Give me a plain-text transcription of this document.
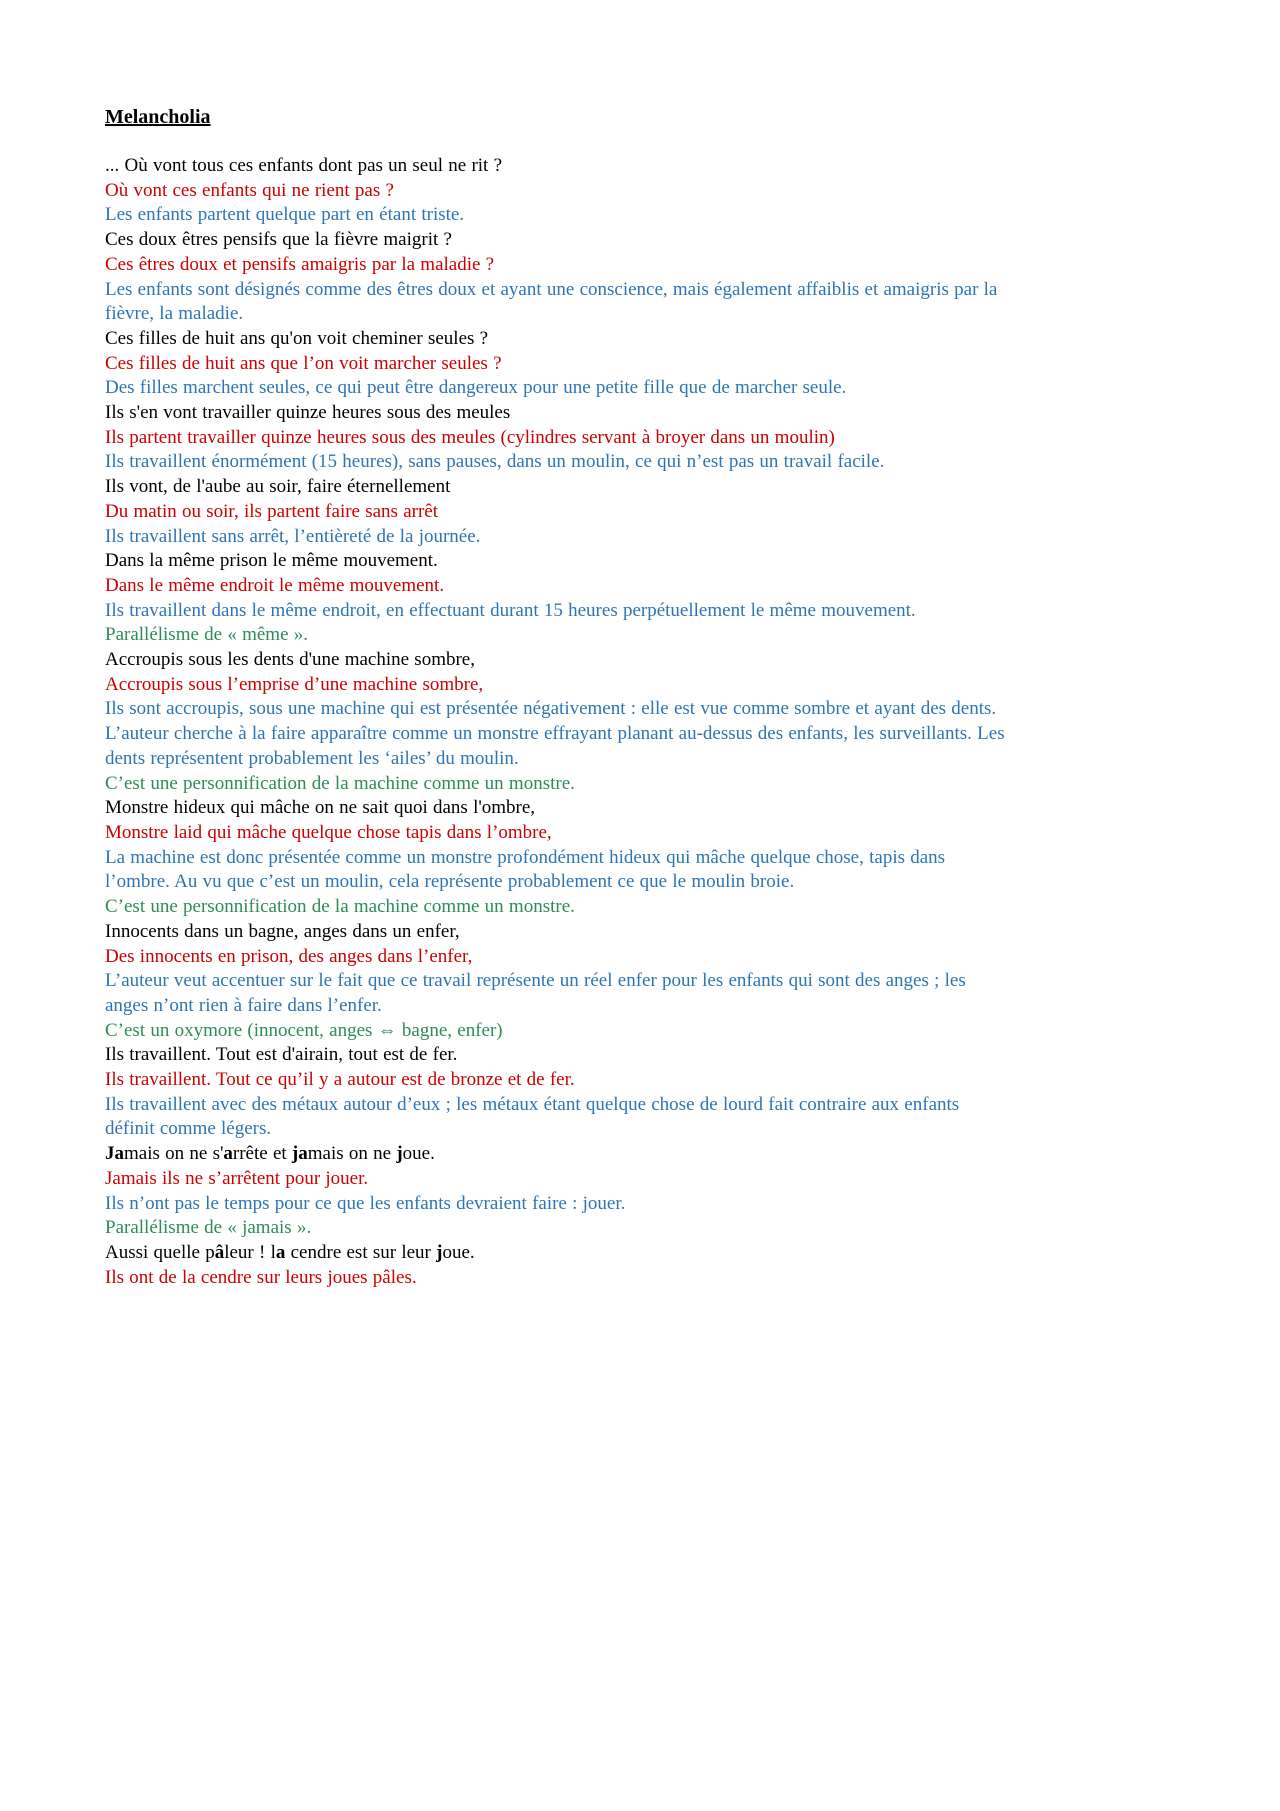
Melancholia

... Où vont tous ces enfants dont pas un seul ne rit ?

Où vont ces enfants qui ne rient pas ?

Les enfants partent quelque part en étant triste.

Ces doux êtres pensifs que la fièvre maigrit ?

Ces êtres doux et pensifs amaigris par la maladie ?

Les enfants sont désignés comme des êtres doux et ayant une conscience, mais également affaiblis et amaigris par la fièvre, la maladie.

Ces filles de huit ans qu'on voit cheminer seules ?

Ces filles de huit ans que l’on voit marcher seules ?

Des filles marchent seules, ce qui peut être dangereux pour une petite fille que de marcher seule.

Ils s'en vont travailler quinze heures sous des meules

Ils partent travailler quinze heures sous des meules (cylindres servant à broyer dans un moulin)

Ils travaillent énormément (15 heures), sans pauses, dans un moulin, ce qui n’est pas un travail facile.

Ils vont, de l'aube au soir, faire éternellement

Du matin ou soir, ils partent faire sans arrêt

Ils travaillent sans arrêt, l’entièreté de la journée.

Dans la même prison le même mouvement.

Dans le même endroit le même mouvement.

Ils travaillent dans le même endroit, en effectuant durant 15 heures perpétuellement le même mouvement.

Parallélisme de « même ».

Accroupis sous les dents d'une machine sombre,

Accroupis sous l’emprise d’une machine sombre,

Ils sont accroupis, sous une machine qui est présentée négativement : elle est vue comme sombre et ayant des dents. L’auteur cherche à la faire apparaître comme un monstre effrayant planant au-dessus des enfants, les surveillants. Les dents représentent probablement les ‘ailes’ du moulin.

C’est une personnification de la machine comme un monstre.

Monstre hideux qui mâche on ne sait quoi dans l'ombre,

Monstre laid qui mâche quelque chose tapis dans l’ombre,

La machine est donc présentée comme un monstre profondément hideux qui mâche quelque chose, tapis dans l’ombre. Au vu que c’est un moulin, cela représente probablement ce que le moulin broie.

C’est une personnification de la machine comme un monstre.

Innocents dans un bagne, anges dans un enfer,

Des innocents en prison, des anges dans l’enfer,

L’auteur veut accentuer sur le fait que ce travail représente un réel enfer pour les enfants qui sont des anges ; les anges n’ont rien à faire dans l’enfer.

C’est un oxymore (innocent, anges ⇔ bagne, enfer)

Ils travaillent. Tout est d'airain, tout est de fer.

Ils travaillent. Tout ce qu’il y a autour est de bronze et de fer.

Ils travaillent avec des métaux autour d’eux ; les métaux étant quelque chose de lourd fait contraire aux enfants définit comme légers.

Jamais on ne s'arrête et jamais on ne joue.

Jamais ils ne s’arrêtent pour jouer.

Ils n’ont pas le temps pour ce que les enfants devraient faire : jouer.

Parallélisme de « jamais ».

Aussi quelle pâleur ! la cendre est sur leur joue.

Ils ont de la cendre sur leurs joues pâles.
